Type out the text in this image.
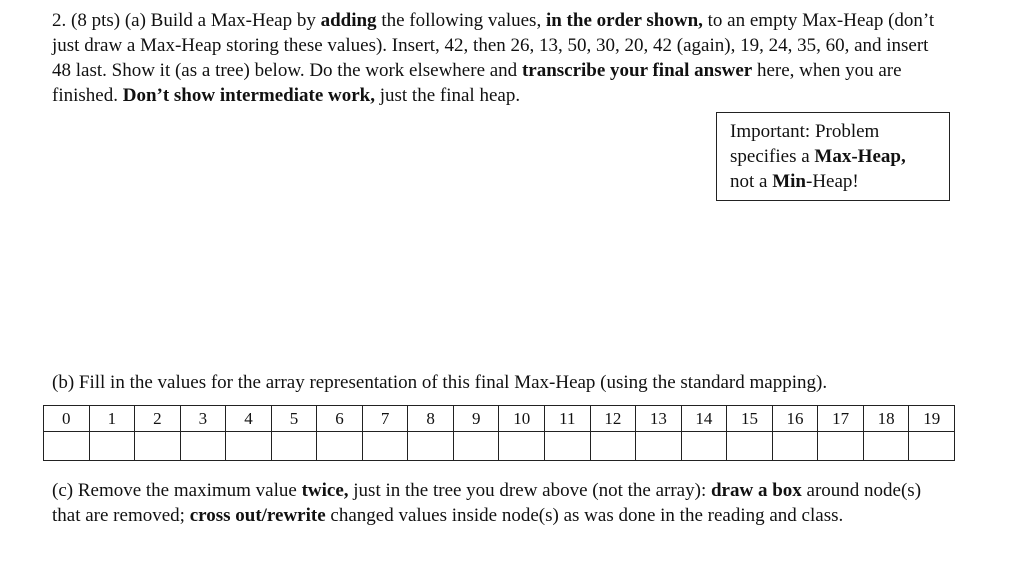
2. (8 pts) (a) Build a Max-Heap by adding the following values, in the order shown, to an empty Max-Heap (don’t just draw a Max-Heap storing these values). Insert, 42, then 26, 13, 50, 30, 20, 42 (again), 19, 24, 35, 60, and insert 48 last. Show it (as a tree) below. Do the work elsewhere and transcribe your final answer here, when you are finished. Don’t show intermediate work, just the final heap.

Important: Problem specifies a Max-Heap,
not a Min-Heap!

(b) Fill in the values for the array representation of this final Max-Heap (using the standard mapping).

0	1	2	3	4	5	6	7	8	9	10	11	12	13	14	15	16	17	18	19

(c) Remove the maximum value twice, just in the tree you drew above (not the array): draw a box around node(s) that are removed; cross out/rewrite changed values inside node(s) as was done in the reading and class.
